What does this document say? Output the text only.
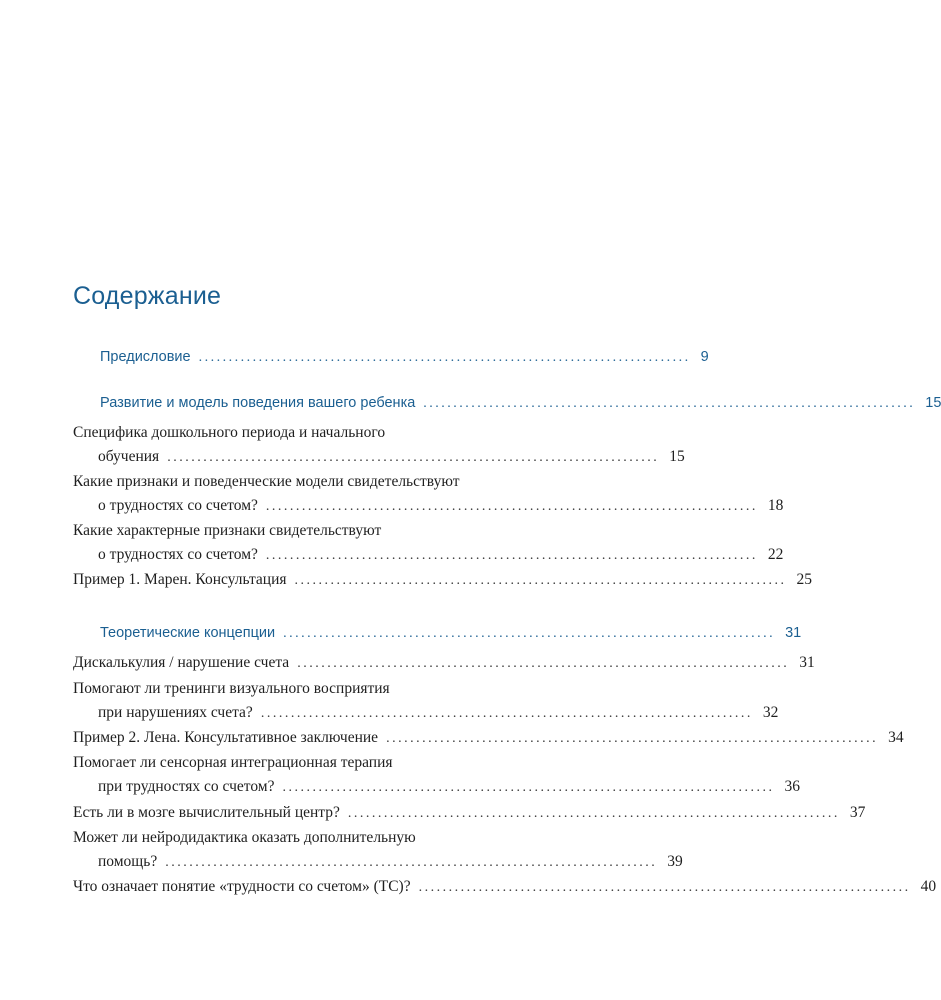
Содержание
Предисловие .................................................................................. 9
Развитие и модель поведения вашего ребенка .................................................................................. 15
Специфика дошкольного периода и начального
обучения .................................................................................. 15
Какие признаки и поведенческие модели свидетельствуют
о трудностях со счетом? .................................................................................. 18
Какие характерные признаки свидетельствуют
о трудностях со счетом? .................................................................................. 22
Пример 1. Марен. Консультация .................................................................................. 25
Теоретические концепции .................................................................................. 31
Дискалькулия / нарушение счета .................................................................................. 31
Помогают ли тренинги визуального восприятия
при нарушениях счета? .................................................................................. 32
Пример 2. Лена. Консультативное заключение .................................................................................. 34
Помогает ли сенсорная интеграционная терапия
при трудностях со счетом? .................................................................................. 36
Есть ли в мозге вычислительный центр? .................................................................................. 37
Может ли нейродидактика оказать дополнительную
помощь? .................................................................................. 39
Что означает понятие «трудности со счетом» (ТС)? .................................................................................. 40
